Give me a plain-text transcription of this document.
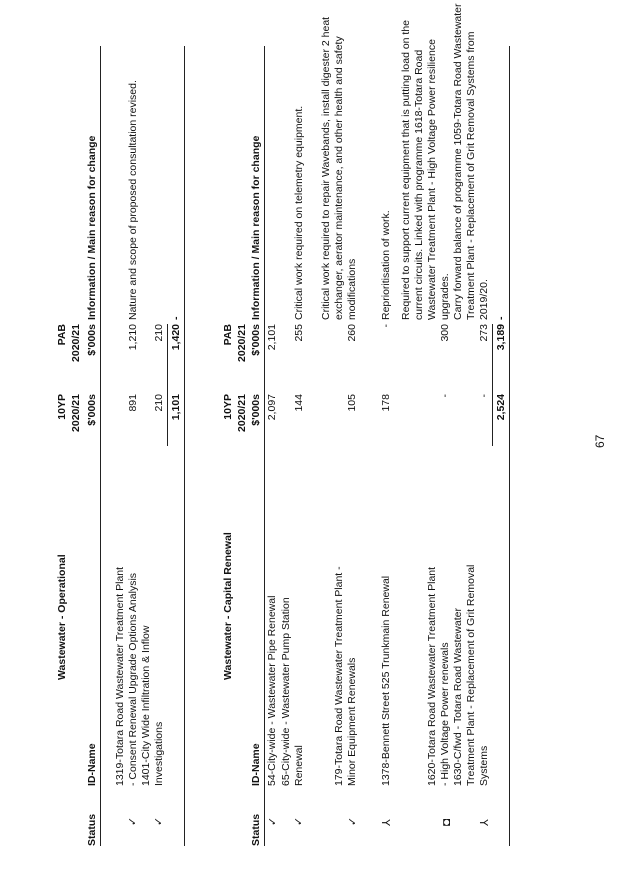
Wastewater - Operational
10YP
PAB
2020/21
2020/21
Status
ID-Name
$'000s
$'000s
Information / Main reason for change
✓
1319-Totara Road Wastewater Treatment Plant - Consent Renewal Upgrade Options Analysis
891
1,210
Nature and scope of proposed consultation revised.
✓
1401-City Wide Infiltration & Inflow Investigations
210
210
1,101
1,420
-
Wastewater - Capital Renewal
10YP
PAB
2020/21
2020/21
Status
ID-Name
$'000s
$'000s
Information / Main reason for change
✓
54-City-wide - Wastewater Pipe Renewal
2,097
2,101
✓
65-City-wide - Wastewater Pump Station Renewal
144
255
Critical work required on telemetry equipment. Critical work required to repair Wavebands, install digester 2 heat exchanger, aerator maintenance, and other health and safety
✓
179-Totara Road Wastewater Treatment Plant - Minor Equipment Renewals
105
260
modifications
⅄
1378-Bennett Street 525 Trunkmain Renewal
178
-
Reprioritisation of work. Required to support current equipment that is putting load on the current circuits. Linked with programme 1618-Totara Road Wastewater Treatment Plant - High Voltage Power resilience
1620-Totara Road Wastewater Treatment Plant
◘
- High Voltage Power renewals
-
300
upgrades.
1630-C/fwd - Totara Road Wastewater
Carry forward balance of programme 1059-Totara Road Wastewater
Treatment Plant - Replacement of Grit Removal
Treatment Plant - Replacement of Grit Removal Systems from
⅄
Systems
-
273
2019/20.
2,524
3,189
-
67
